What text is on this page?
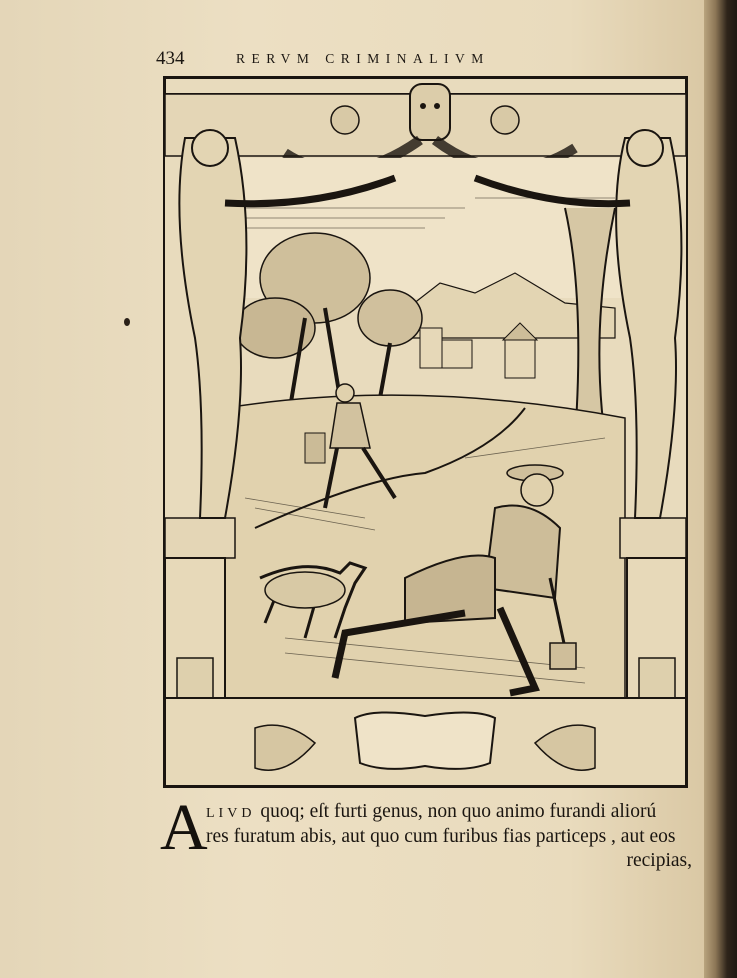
434	RERVM CRIMINALIVM
A
LIVD quoq; eſt furti genus, non quo animo furandi aliorú
res furatum abis, aut quo cum furibus fias particeps , aut eos
recipias,
